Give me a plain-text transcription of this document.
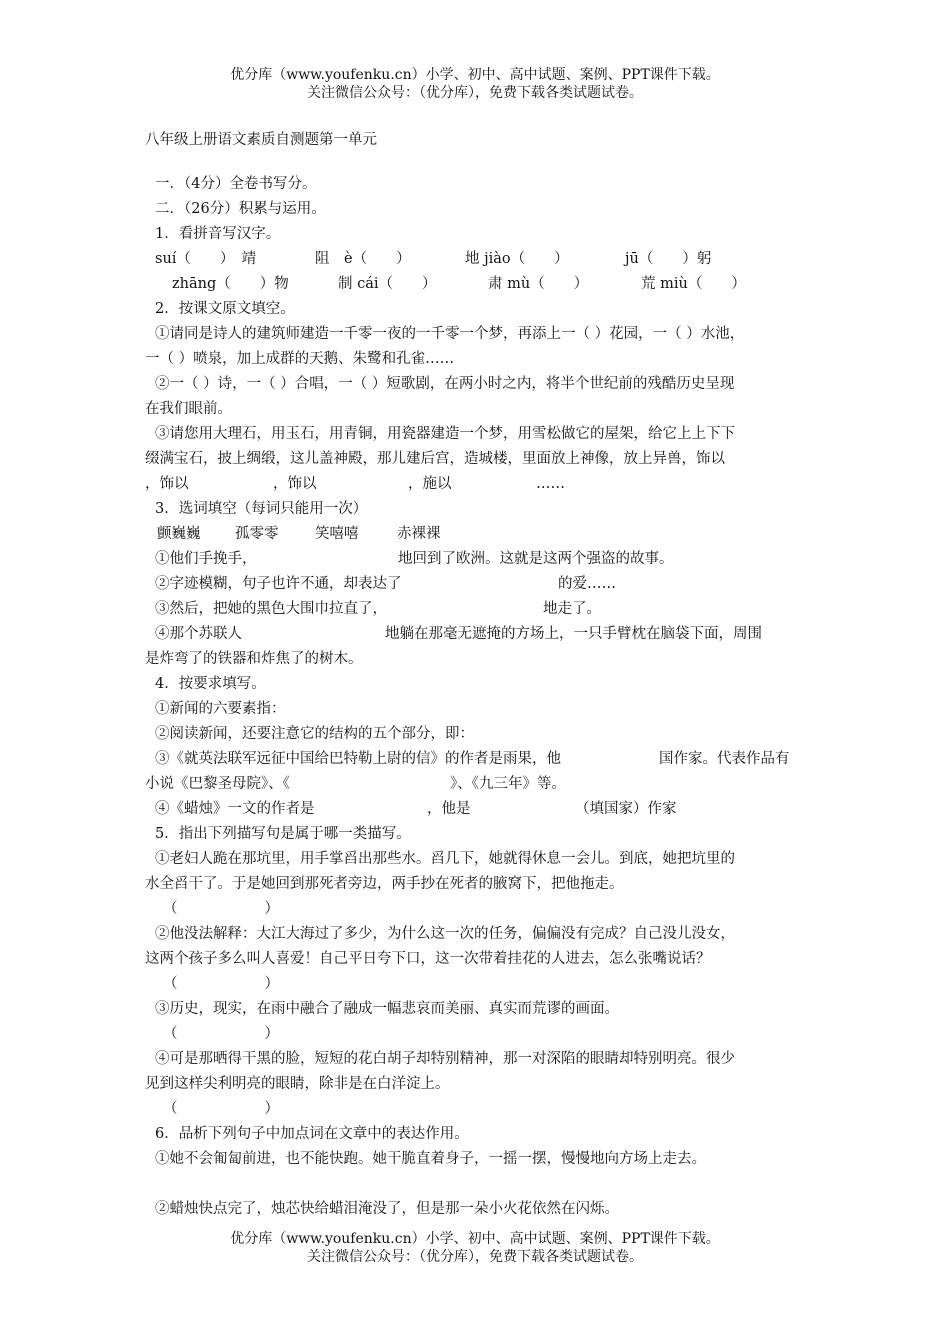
优分库（www.youfenku.cn）小学、初中、高中试题、案例、PPT课件下载。
关注微信公众号：（优分库），免费下载各类试题试卷。
八年级上册语文素质自测题第一单元
一．（4分）全卷书写分。
二．（26分）积累与运用。
1．看拼音写汉字。
suí（　　）　靖	阻　è（　　）	地 jiào（　　）	jū（　　）躬
zhāng（　　）物	制 cái（　　）	肃 mù（　　）	荒 miù（　　）
2．按课文原文填空。
①请同是诗人的建筑师建造一千零一夜的一千零一个梦，再添上一（ ）花园，一（ ）水池，
一（ ）喷泉，加上成群的天鹅、朱鹭和孔雀……
②一（ ）诗，一（ ）合唱，一（ ）短歌剧，在两小时之内，将半个世纪前的残酷历史呈现
在我们眼前。
③请您用大理石，用玉石，用青铜，用瓷器建造一个梦，用雪松做它的屋架，给它上上下下
缀满宝石，披上绸缎，这儿盖神殿，那儿建后宫，造城楼，里面放上神像，放上异兽，饰以
，饰以	，饰以	，施以	……
3．选词填空（每词只能用一次）
颤巍巍 孤零零	笑嘻嘻	赤裸裸
①他们手挽手，	地回到了欧洲。这就是这两个强盗的故事。
②字迹模糊，句子也许不通，却表达了	的爱……
③然后，把她的黑色大围巾拉直了，	地走了。
④那个苏联人	地躺在那毫无遮掩的方场上，一只手臂枕在脑袋下面，周围
是炸弯了的铁器和炸焦了的树木。
4．按要求填写。
①新闻的六要素指：
②阅读新闻，还要注意它的结构的五个部分，即：
③《就英法联军远征中国给巴特勒上尉的信》的作者是雨果，他	国作家。代表作品有
小说《巴黎圣母院》、《	》、《九三年》等。
④《蜡烛》一文的作者是	，他是	（填国家）作家
5．指出下列描写句是属于哪一类描写。
①老妇人跪在那坑里，用手掌舀出那些水。舀几下，她就得休息一会儿。到底，她把坑里的
水全舀干了。于是她回到那死者旁边，两手抄在死者的腋窝下，把他拖走。
（　　　　　　）
②他没法解释：大江大海过了多少，为什么这一次的任务，偏偏没有完成？自己没儿没女，
这两个孩子多么叫人喜爱！自己平日夸下口，这一次带着挂花的人进去，怎么张嘴说话？
（　　　　　　）
③历史，现实，在雨中融合了融成一幅悲哀而美丽、真实而荒谬的画面。
（　　　　　　）
④可是那晒得干黑的脸，短短的花白胡子却特别精神，那一对深陷的眼睛却特别明亮。很少
见到这样尖利明亮的眼睛，除非是在白洋淀上。
（　　　　　　）
6．品析下列句子中加点词在文章中的表达作用。
①她不会匍匐前进，也不能快跑。她干脆直着身子，一摇一摆，慢慢地向方场上走去。
②蜡烛快点完了，烛芯快给蜡泪淹没了，但是那一朵小火花依然在闪烁。
优分库（www.youfenku.cn）小学、初中、高中试题、案例、PPT课件下载。
关注微信公众号：（优分库），免费下载各类试题试卷。
